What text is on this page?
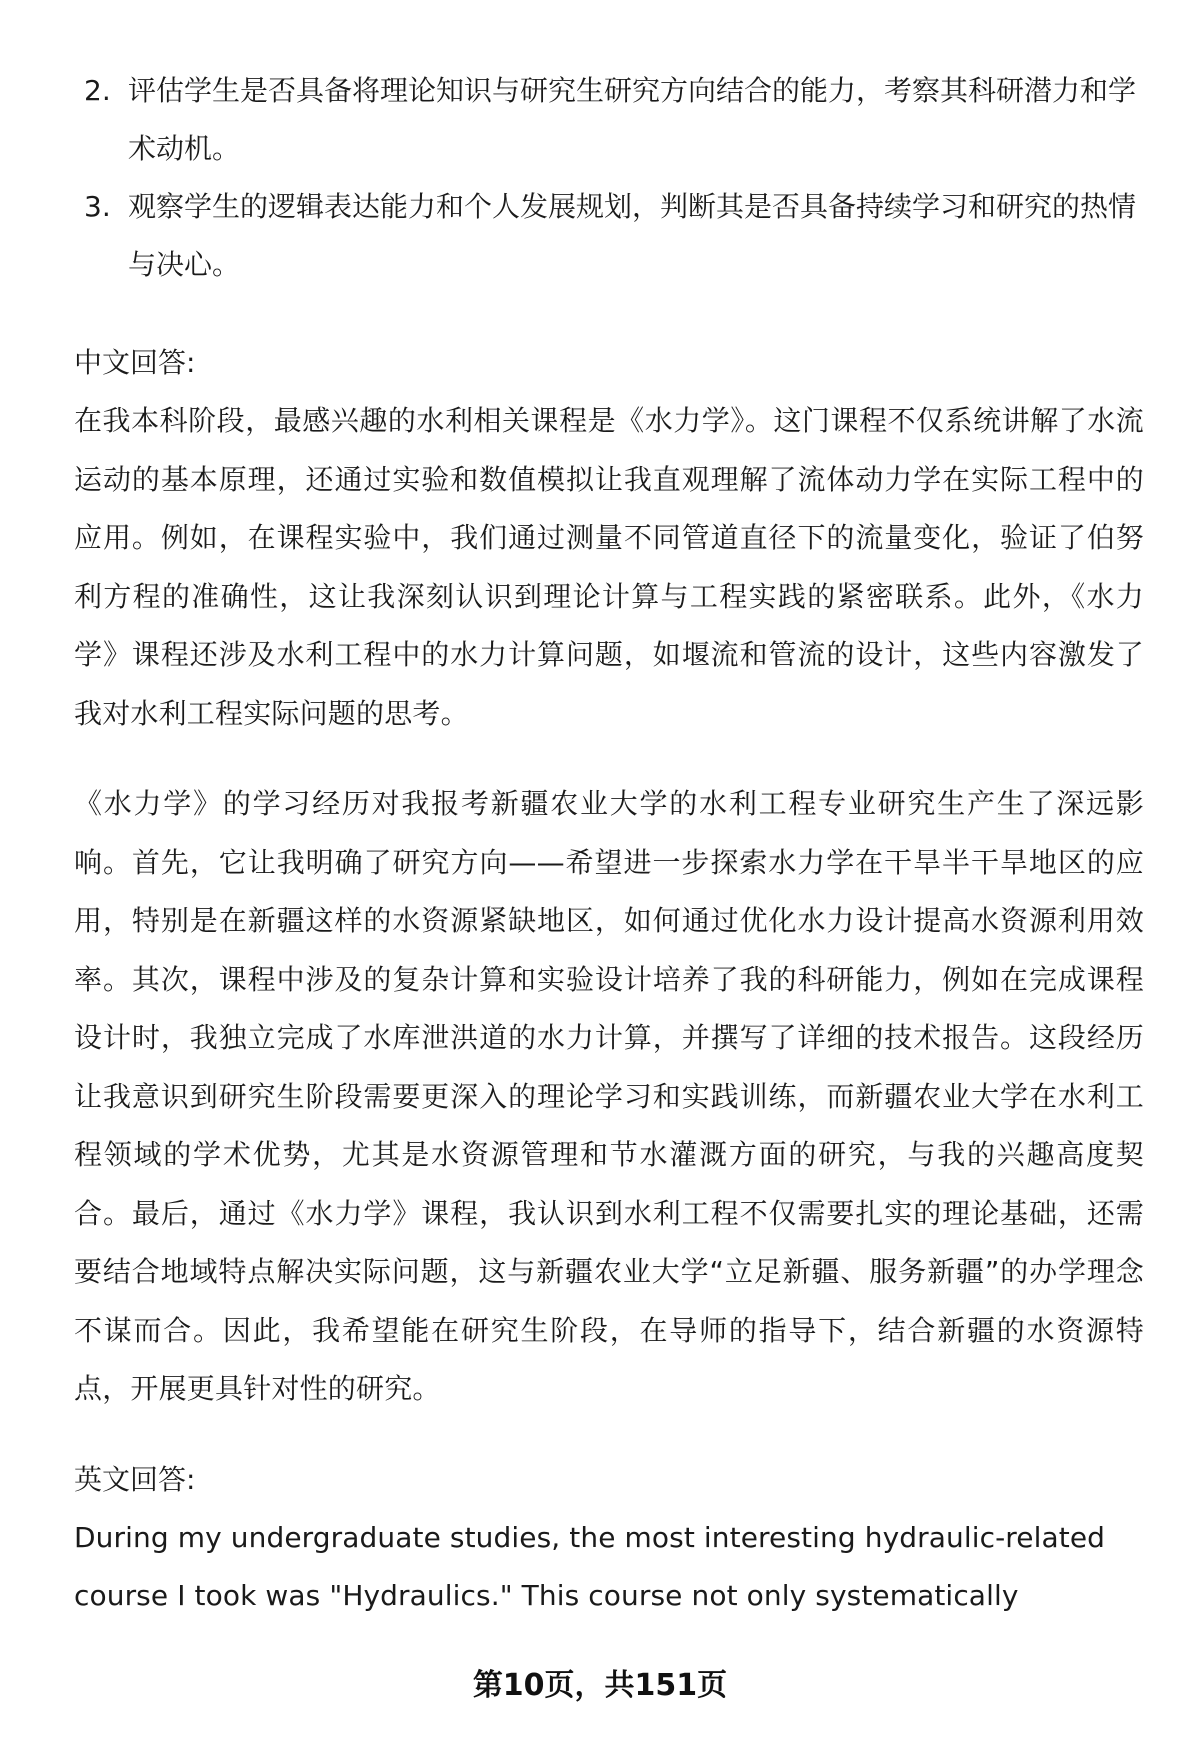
2. 评估学生是否具备将理论知识与研究生研究方向结合的能力，考察其科研潜力和学术动机。
3. 观察学生的逻辑表达能力和个人发展规划，判断其是否具备持续学习和研究的热情与决心。

中文回答:

在我本科阶段，最感兴趣的水利相关课程是《水力学》。这门课程不仅系统讲解了水流运动的基本原理，还通过实验和数值模拟让我直观理解了流体动力学在实际工程中的应用。例如，在课程实验中，我们通过测量不同管道直径下的流量变化，验证了伯努利方程的准确性，这让我深刻认识到理论计算与工程实践的紧密联系。此外，《水力学》课程还涉及水利工程中的水力计算问题，如堰流和管流的设计，这些内容激发了我对水利工程实际问题的思考。

《水力学》的学习经历对我报考新疆农业大学的水利工程专业研究生产生了深远影响。首先，它让我明确了研究方向——希望进一步探索水力学在干旱半干旱地区的应用，特别是在新疆这样的水资源紧缺地区，如何通过优化水力设计提高水资源利用效率。其次，课程中涉及的复杂计算和实验设计培养了我的科研能力，例如在完成课程设计时，我独立完成了水库泄洪道的水力计算，并撰写了详细的技术报告。这段经历让我意识到研究生阶段需要更深入的理论学习和实践训练，而新疆农业大学在水利工程领域的学术优势，尤其是水资源管理和节水灌溉方面的研究，与我的兴趣高度契合。最后，通过《水力学》课程，我认识到水利工程不仅需要扎实的理论基础，还需要结合地域特点解决实际问题，这与新疆农业大学“立足新疆、服务新疆”的办学理念不谋而合。因此，我希望能在研究生阶段，在导师的指导下，结合新疆的水资源特点，开展更具针对性的研究。

英文回答:

During my undergraduate studies, the most interesting hydraulic-related

course I took was "Hydraulics." This course not only systematically

第10页，共151页
